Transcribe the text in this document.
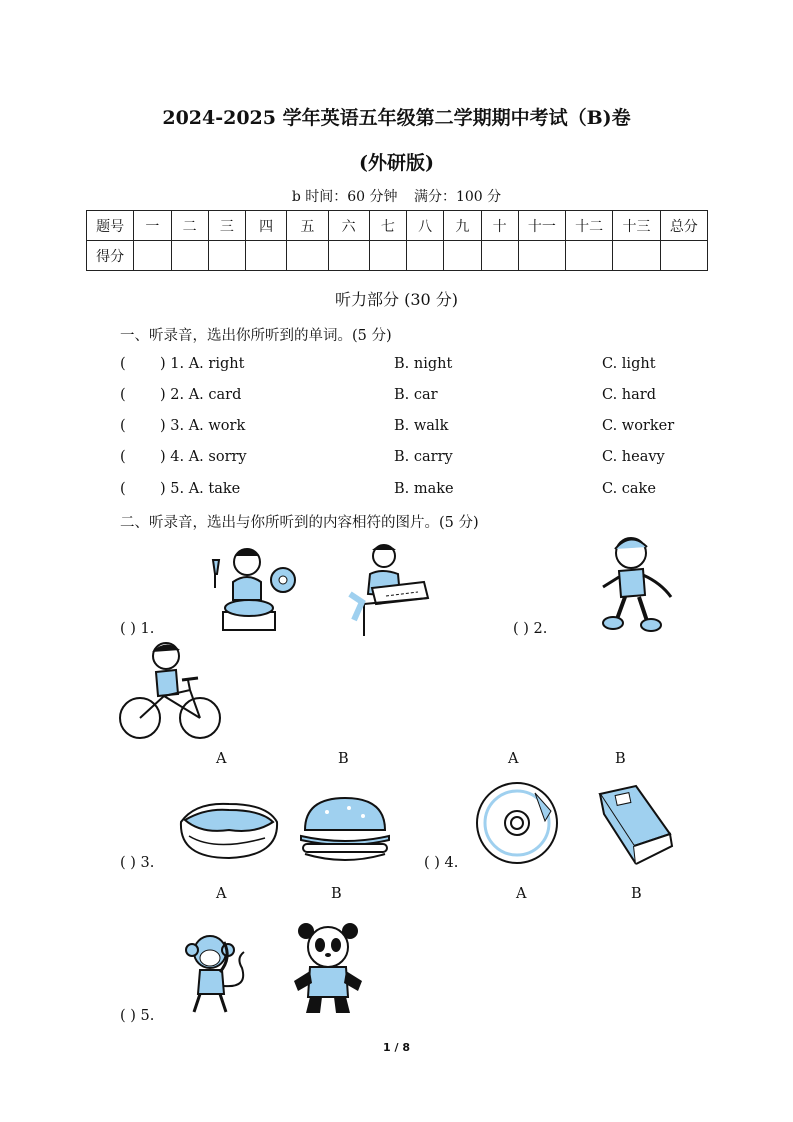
2024-2025 学年英语五年级第二学期期中考试（B)卷
(外研版)
b 时间：60 分钟 满分：100 分
题号	一	二	三	四	五	六	七	八	九	十	十一	十二	十三	总分
得分														
听力部分 (30 分)
一、听录音，选出你所听到的单词。(5 分)
( ) 1. A. right	B. night	C. light
( ) 2. A. card	B. car	C. hard
( ) 3. A. work	B. walk	C. worker
( ) 4. A. sorry	B. carry	C. heavy
( ) 5. A. take	B. make	C. cake
二、听录音，选出与你所听到的内容相符的图片。(5 分)
( ) 1.	( ) 2.
A	B	A	B
( ) 3.	( ) 4.
A	B	A	B
( ) 5.
1 / 8
